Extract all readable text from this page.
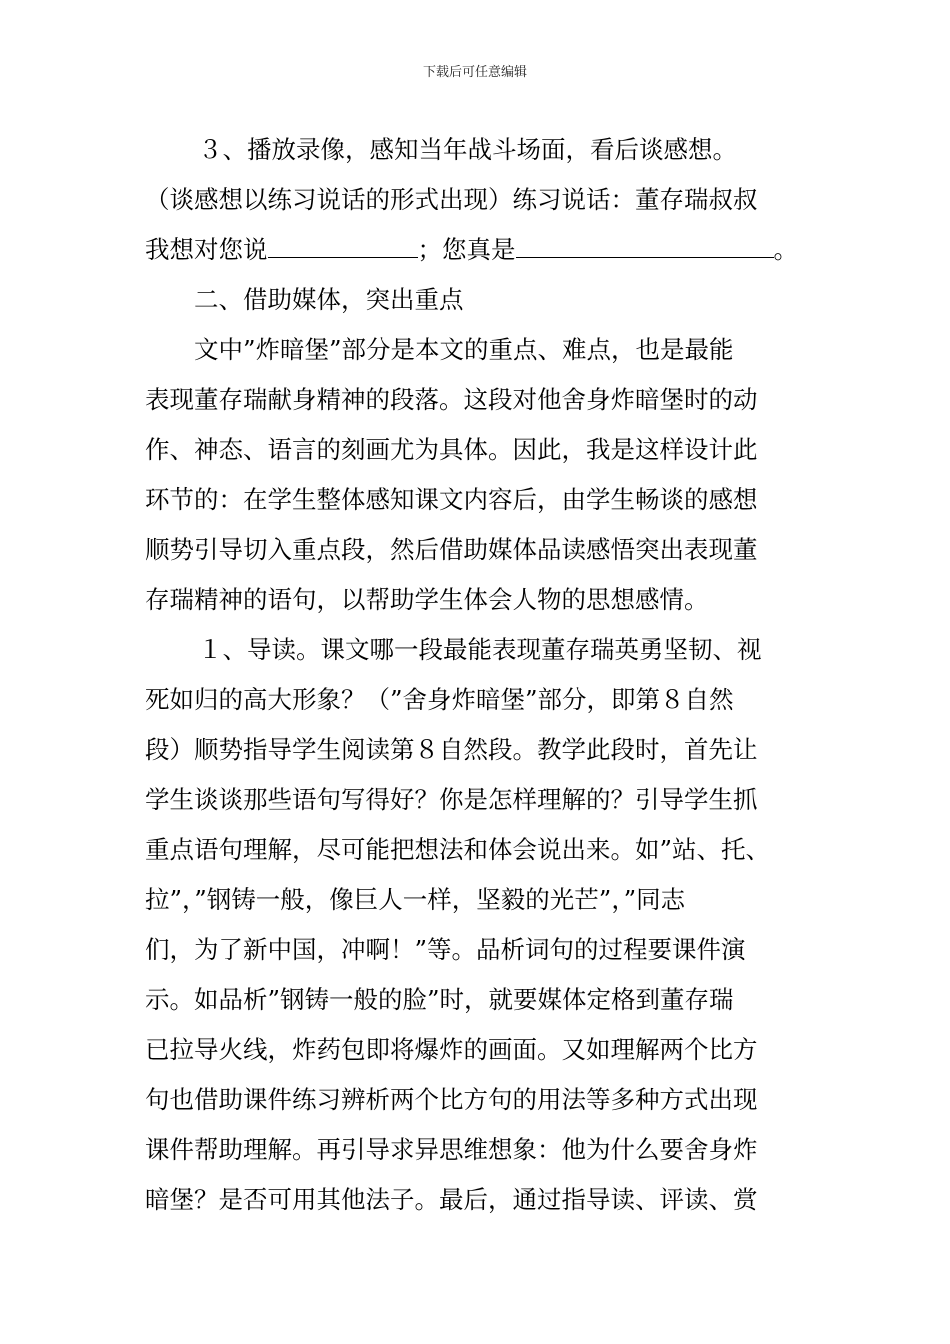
下载后可任意编辑
３、播放录像，感知当年战斗场面，看后谈感想。
（谈感想以练习说话的形式出现）练习说话：董存瑞叔叔
我想对您说	；您真是	。
二、借助媒体，突出重点
文中”炸暗堡”部分是本文的重点、难点，也是最能
表现董存瑞献身精神的段落。这段对他舍身炸暗堡时的动
作、神态、语言的刻画尤为具体。因此，我是这样设计此
环节的：在学生整体感知课文内容后，由学生畅谈的感想
顺势引导切入重点段，然后借助媒体品读感悟突出表现董
存瑞精神的语句，以帮助学生体会人物的思想感情。
１、导读。课文哪一段最能表现董存瑞英勇坚韧、视
死如归的高大形象？（”舍身炸暗堡”部分，即第８自然
段）顺势指导学生阅读第８自然段。教学此段时，首先让
学生谈谈那些语句写得好？你是怎样理解的？引导学生抓
重点语句理解，尽可能把想法和体会说出来。如”站、托、
拉”，”钢铸一般，像巨人一样，坚毅的光芒”，”同志
们，为了新中国，冲啊！”等。品析词句的过程要课件演
示。如品析”钢铸一般的脸”时，就要媒体定格到董存瑞
已拉导火线，炸药包即将爆炸的画面。又如理解两个比方
句也借助课件练习辨析两个比方句的用法等多种方式出现
课件帮助理解。再引导求异思维想象：他为什么要舍身炸
暗堡？是否可用其他法子。最后，通过指导读、评读、赏
